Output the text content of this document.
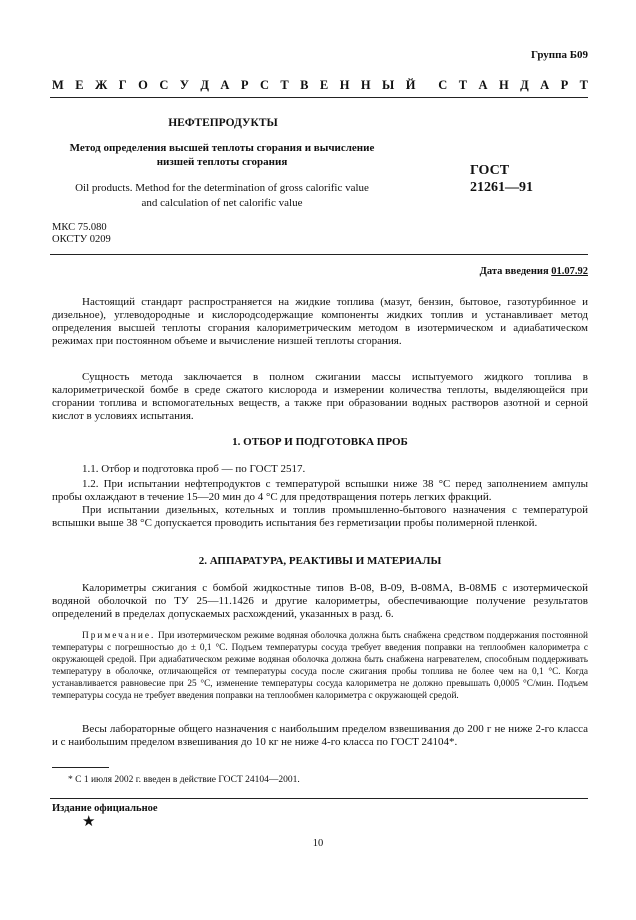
Группа Б09
М Е Ж Г О С У Д А Р С Т В Е Н Н Ы Й С Т А Н Д А Р Т
НЕФТЕПРОДУКТЫ
Метод определения высшей теплоты сгорания и вычисление
низшей теплоты сгорания
Oil products. Method for the determination of gross calorific value
and calculation of net calorific value
ГОСТ
21261—91
МКС 75.080
ОКСТУ 0209
Дата введения 01.07.92
Настоящий стандарт распространяется на жидкие топлива (мазут, бензин, бытовое, газотурбинное и дизельное), углеводородные и кислородсодержащие компоненты жидких топлив и устанавливает метод определения высшей теплоты сгорания калориметрическим методом в изотермическом и адиабатическом режимах при постоянном объеме и вычисление низшей теплоты сгорания.
Сущность метода заключается в полном сжигании массы испытуемого жидкого топлива в калориметрической бомбе в среде сжатого кислорода и измерении количества теплоты, выделяющейся при сгорании топлива и вспомогательных веществ, а также при образовании водных растворов азотной и серной кислот в условиях испытания.
1. ОТБОР И ПОДГОТОВКА ПРОБ
1.1. Отбор и подготовка проб — по ГОСТ 2517.
1.2. При испытании нефтепродуктов с температурой вспышки ниже 38 °С перед заполнением ампулы пробы охлаждают в течение 15—20 мин до 4 °С для предотвращения потерь легких фракций.
При испытании дизельных, котельных и топлив промышленно-бытового назначения с температурой вспышки выше 38 °С допускается проводить испытания без герметизации пробы полимерной пленкой.
2. АППАРАТУРА, РЕАКТИВЫ И МАТЕРИАЛЫ
Калориметры сжигания с бомбой жидкостные типов В-08, В-09, В-08МА, В-08МБ с изотермической водяной оболочкой по ТУ 25—11.1426 и другие калориметры, обеспечивающие получение результатов определений в пределах допускаемых расхождений, указанных в разд. 6.
Примечание. При изотермическом режиме водяная оболочка должна быть снабжена средством поддержания постоянной температуры с погрешностью до ± 0,1 °С. Подъем температуры сосуда требует введения поправки на теплообмен калориметра с окружающей средой. При адиабатическом режиме водяная оболочка должна быть снабжена нагревателем, способным поддерживать температуру в оболочке, отличающейся от температуры сосуда после сжигания пробы топлива не более чем на 0,1 °С. Когда устанавливается равновесие при 25 °С, изменение температуры сосуда калориметра не должно превышать 0,0005 °С/мин. Подъем температуры сосуда не требует введения поправки на теплообмен калориметра с окружающей средой.
Весы лабораторные общего назначения с наибольшим пределом взвешивания до 200 г не ниже 2-го класса и с наибольшим пределом взвешивания до 10 кг не ниже 4-го класса по ГОСТ 24104*.
* С 1 июля 2002 г. введен в действие ГОСТ 24104—2001.
Издание официальное
★
10
